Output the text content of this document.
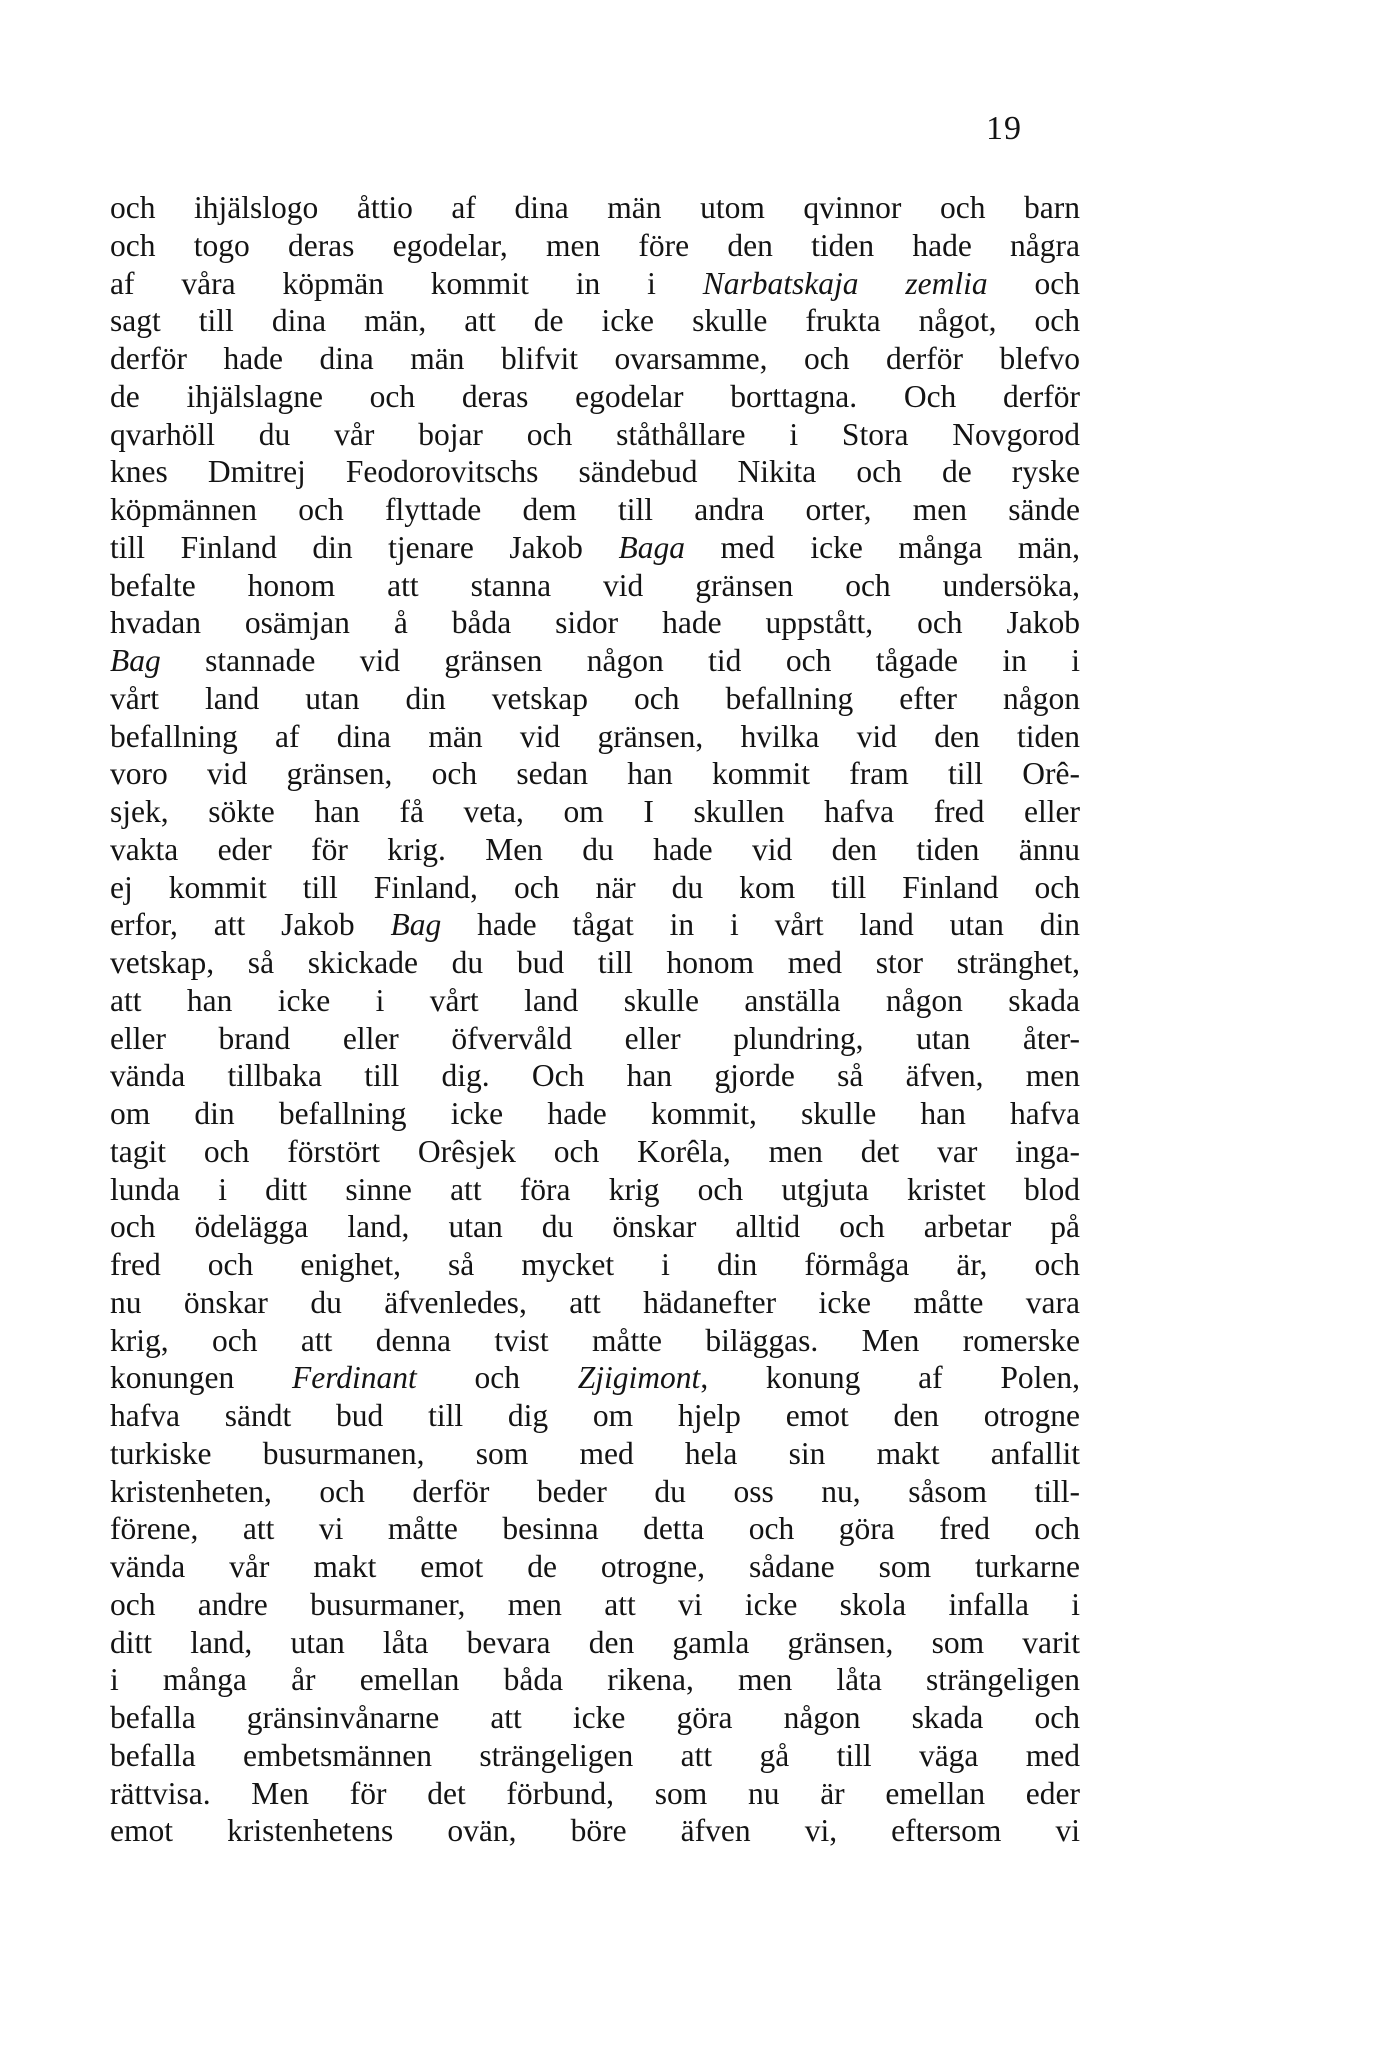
19
och ihjälslogo åttio af dina män utom qvinnor och barn
och togo deras egodelar, men före den tiden hade några
af våra köpmän kommit in i Narbatskaja zemlia och
sagt till dina män, att de icke skulle frukta något, och
derför hade dina män blifvit ovarsamme, och derför blefvo
de ihjälslagne och deras egodelar borttagna. Och derför
qvarhöll du vår bojar och ståthållare i Stora Novgorod
knes Dmitrej Feodorovitschs sändebud Nikita och de ryske
köpmännen och flyttade dem till andra orter, men sände
till Finland din tjenare Jakob Baga med icke många män,
befalte honom att stanna vid gränsen och undersöka,
hvadan osämjan å båda sidor hade uppstått, och Jakob
Bag stannade vid gränsen någon tid och tågade in i
vårt land utan din vetskap och befallning efter någon
befallning af dina män vid gränsen, hvilka vid den tiden
voro vid gränsen, och sedan han kommit fram till Orê-
sjek, sökte han få veta, om I skullen hafva fred eller
vakta eder för krig. Men du hade vid den tiden ännu
ej kommit till Finland, och när du kom till Finland och
erfor, att Jakob Bag hade tågat in i vårt land utan din
vetskap, så skickade du bud till honom med stor stränghet,
att han icke i vårt land skulle anställa någon skada
eller brand eller öfvervåld eller plundring, utan åter-
vända tillbaka till dig. Och han gjorde så äfven, men
om din befallning icke hade kommit, skulle han hafva
tagit och förstört Orêsjek och Korêla, men det var inga-
lunda i ditt sinne att föra krig och utgjuta kristet blod
och ödelägga land, utan du önskar alltid och arbetar på
fred och enighet, så mycket i din förmåga är, och
nu önskar du äfvenledes, att hädanefter icke måtte vara
krig, och att denna tvist måtte biläggas. Men romerske
konungen Ferdinant och Zjigimont, konung af Polen,
hafva sändt bud till dig om hjelp emot den otrogne
turkiske busurmanen, som med hela sin makt anfallit
kristenheten, och derför beder du oss nu, såsom till-
förene, att vi måtte besinna detta och göra fred och
vända vår makt emot de otrogne, sådane som turkarne
och andre busurmaner, men att vi icke skola infalla i
ditt land, utan låta bevara den gamla gränsen, som varit
i många år emellan båda rikena, men låta strängeligen
befalla gränsinvånarne att icke göra någon skada och
befalla embetsmännen strängeligen att gå till väga med
rättvisa. Men för det förbund, som nu är emellan eder
emot kristenhetens ovän, böre äfven vi, eftersom vi
